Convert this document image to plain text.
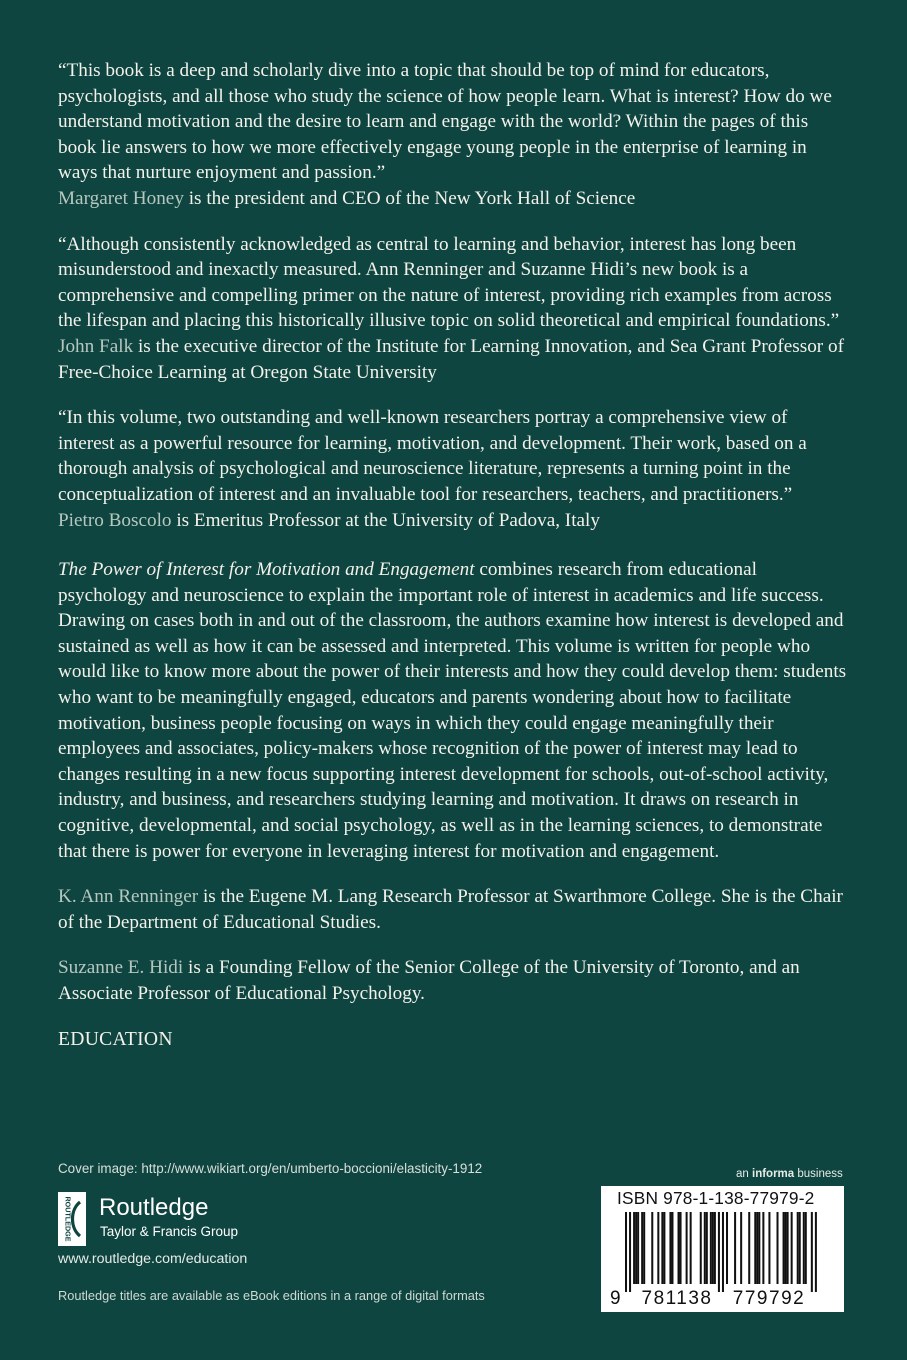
“This book is a deep and scholarly dive into a topic that should be top of mind for educators, psychologists, and all those who study the science of how people learn. What is interest? How do we understand motivation and the desire to learn and engage with the world? Within the pages of this book lie answers to how we more effectively engage young people in the enterprise of learning in ways that nurture enjoyment and passion.”
Margaret Honey is the president and CEO of the New York Hall of Science

“Although consistently acknowledged as central to learning and behavior, interest has long been misunderstood and inexactly measured. Ann Renninger and Suzanne Hidi’s new book is a comprehensive and compelling primer on the nature of interest, providing rich examples from across the lifespan and placing this historically illusive topic on solid theoretical and empirical foundations.”
John Falk is the executive director of the Institute for Learning Innovation, and Sea Grant Professor of Free-Choice Learning at Oregon State University

“In this volume, two outstanding and well-known researchers portray a comprehensive view of interest as a powerful resource for learning, motivation, and development. Their work, based on a thorough analysis of psychological and neuroscience literature, represents a turning point in the conceptualization of interest and an invaluable tool for researchers, teachers, and practitioners.”
Pietro Boscolo is Emeritus Professor at the University of Padova, Italy

The Power of Interest for Motivation and Engagement combines research from educational psychology and neuroscience to explain the important role of interest in academics and life success. Drawing on cases both in and out of the classroom, the authors examine how interest is developed and sustained as well as how it can be assessed and interpreted. This volume is written for people who would like to know more about the power of their interests and how they could develop them: students who want to be meaningfully engaged, educators and parents wondering about how to facilitate motivation, business people focusing on ways in which they could engage meaningfully their employees and associates, policy-makers whose recognition of the power of interest may lead to changes resulting in a new focus supporting interest development for schools, out-of-school activity, industry, and business, and researchers studying learning and motivation. It draws on research in cognitive, developmental, and social psychology, as well as in the learning sciences, to demonstrate that there is power for everyone in leveraging interest for motivation and engagement.

K. Ann Renninger is the Eugene M. Lang Research Professor at Swarthmore College. She is the Chair of the Department of Educational Studies.

Suzanne E. Hidi is a Founding Fellow of the Senior College of the University of Toronto, and an Associate Professor of Educational Psychology.

EDUCATION

Cover image: http://www.wikiart.org/en/umberto-boccioni/elasticity-1912
ROUTLEDGE Routledge
Taylor & Francis Group
www.routledge.com/education
Routledge titles are available as eBook editions in a range of digital formats
an informa business
ISBN 978-1-138-77979-2
9 781138 779792
